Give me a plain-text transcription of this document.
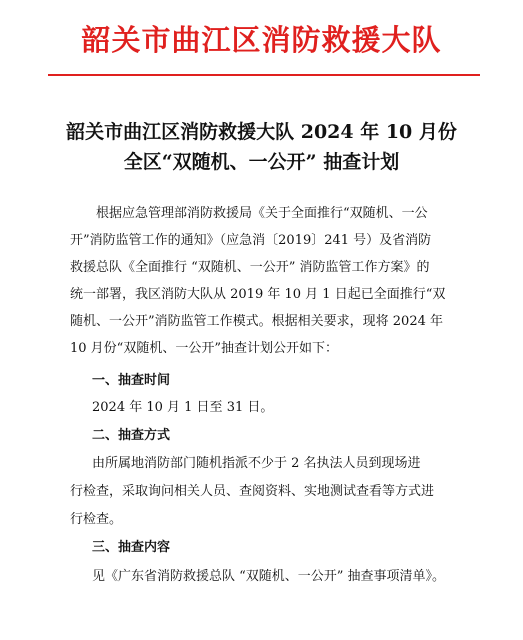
韶关市曲江区消防救援大队
韶关市曲江区消防救援大队 2024 年 10 月份
全区“双随机、一公开” 抽查计划
根据应急管理部消防救援局《关于全面推行“双随机、一公
开”消防监管工作的通知》（应急消〔2019〕241 号）及省消防
救援总队《全面推行 “双随机、一公开” 消防监管工作方案》的
统一部署，我区消防大队从 2019 年 10 月 1 日起已全面推行“双
随机、一公开”消防监管工作模式。根据相关要求，现将 2024 年
10 月份“双随机、一公开”抽查计划公开如下：
一、抽查时间
2024 年 10 月 1 日至 31 日。
二、抽查方式
由所属地消防部门随机指派不少于 2 名执法人员到现场进
行检查，采取询问相关人员、查阅资料、实地测试查看等方式进
行检查。
三、抽查内容
见《广东省消防救援总队 “双随机、一公开” 抽查事项清单》。
